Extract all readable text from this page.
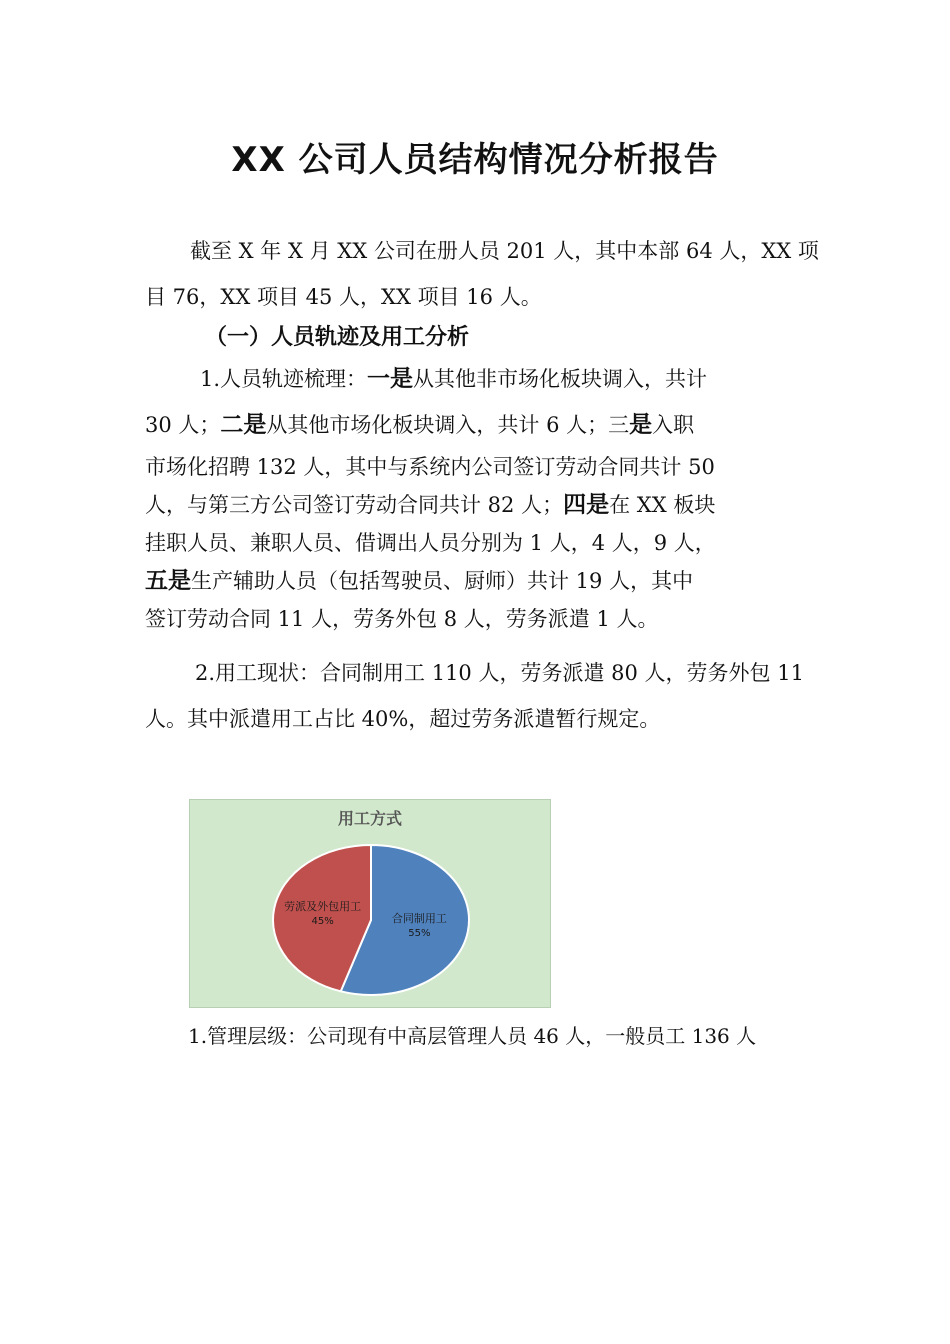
XX 公司人员结构情况分析报告

截至 X 年 X 月 XX 公司在册人员 201 人，其中本部 64 人，XX 项目 76，XX 项目 45 人，XX 项目 16 人。

（一）人员轨迹及用工分析

1.人员轨迹梳理：一是从其他非市场化板块调入，共计
30 人；二是从其他市场化板块调入，共计 6 人；三是入职
市场化招聘 132 人，其中与系统内公司签订劳动合同共计 50
人，与第三方公司签订劳动合同共计 82 人；四是在 XX 板块
挂职人员、兼职人员、借调出人员分别为 1 人，4 人，9 人，
五是生产辅助人员（包括驾驶员、厨师）共计 19 人，其中
签订劳动合同 11 人，劳务外包 8 人，劳务派遣 1 人。

2.用工现状：合同制用工 110 人，劳务派遣 80 人，劳务外包 11 人。其中派遣用工占比 40%，超过劳务派遣暂行规定。

用工方式
合同制用工
55%
劳派及外包用工
45%

1.管理层级：公司现有中高层管理人员 46 人，一般员工 136 人
